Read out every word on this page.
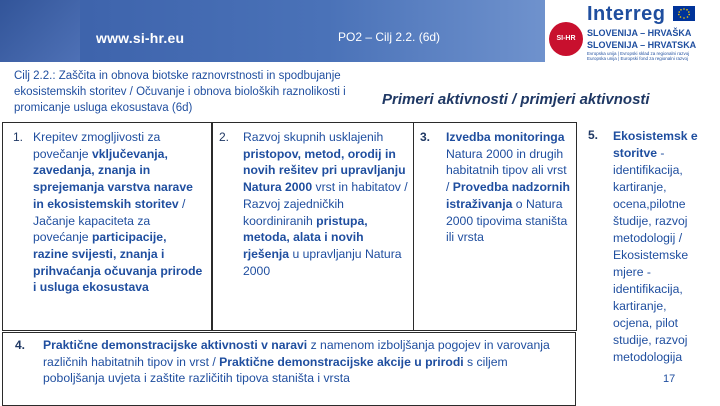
www.si-hr.eu	PO2 – Cilj 2.2. (6d)	SI-HR
Interreg
SLOVENIJA – HRVAŠKA
SLOVENIJA – HRVATSKA
Evropska unija | Evropski sklad za regionalni razvoj
Europska unija | Europski fond za regionalni razvoj

Cilj 2.2.: Zaščita in obnova biotske raznovrstnosti in spodbujanje ekosistemskih storitev / Očuvanje i obnova bioloških raznolikosti i promicanje usluga ekosustava (6d)	Primeri aktivnosti / primjeri aktivnosti
1. Krepitev zmogljivosti za povečanje vključevanja, zavedanja, znanja in sprejemanja varstva narave in ekosistemskih storitev / Jačanje kapaciteta za povećanje participacije, razine svijesti, znanja i prihvaćanja očuvanja prirode i usluga ekosustava
2. Razvoj skupnih usklajenih pristopov, metod, orodij in novih rešitev pri upravljanju Natura 2000 vrst in habitatov / Razvoj zajedničkih koordiniranih pristupa, metoda, alata i novih rješenja u upravljanju Natura 2000
3. Izvedba monitoringa Natura 2000 in drugih habitatnih tipov ali vrst / Provedba nadzornih istraživanja o Natura 2000 tipovima staništa ili vrsta
4. Praktične demonstracijske aktivnosti v naravi z namenom izboljšanja pogojev in varovanja različnih habitatnih tipov in vrst / Praktične demonstracijske akcije u prirodi s ciljem poboljšanja uvjeta i zaštite različitih tipova staništa i vrsta
5. Ekosistemsk e storitve - identifikacija, kartiranje, ocena,pilotne študije, razvoj metodologij / Ekosistemske mjere - identifikacija, kartiranje, ocjena, pilot studije, razvoj metodologija
17
